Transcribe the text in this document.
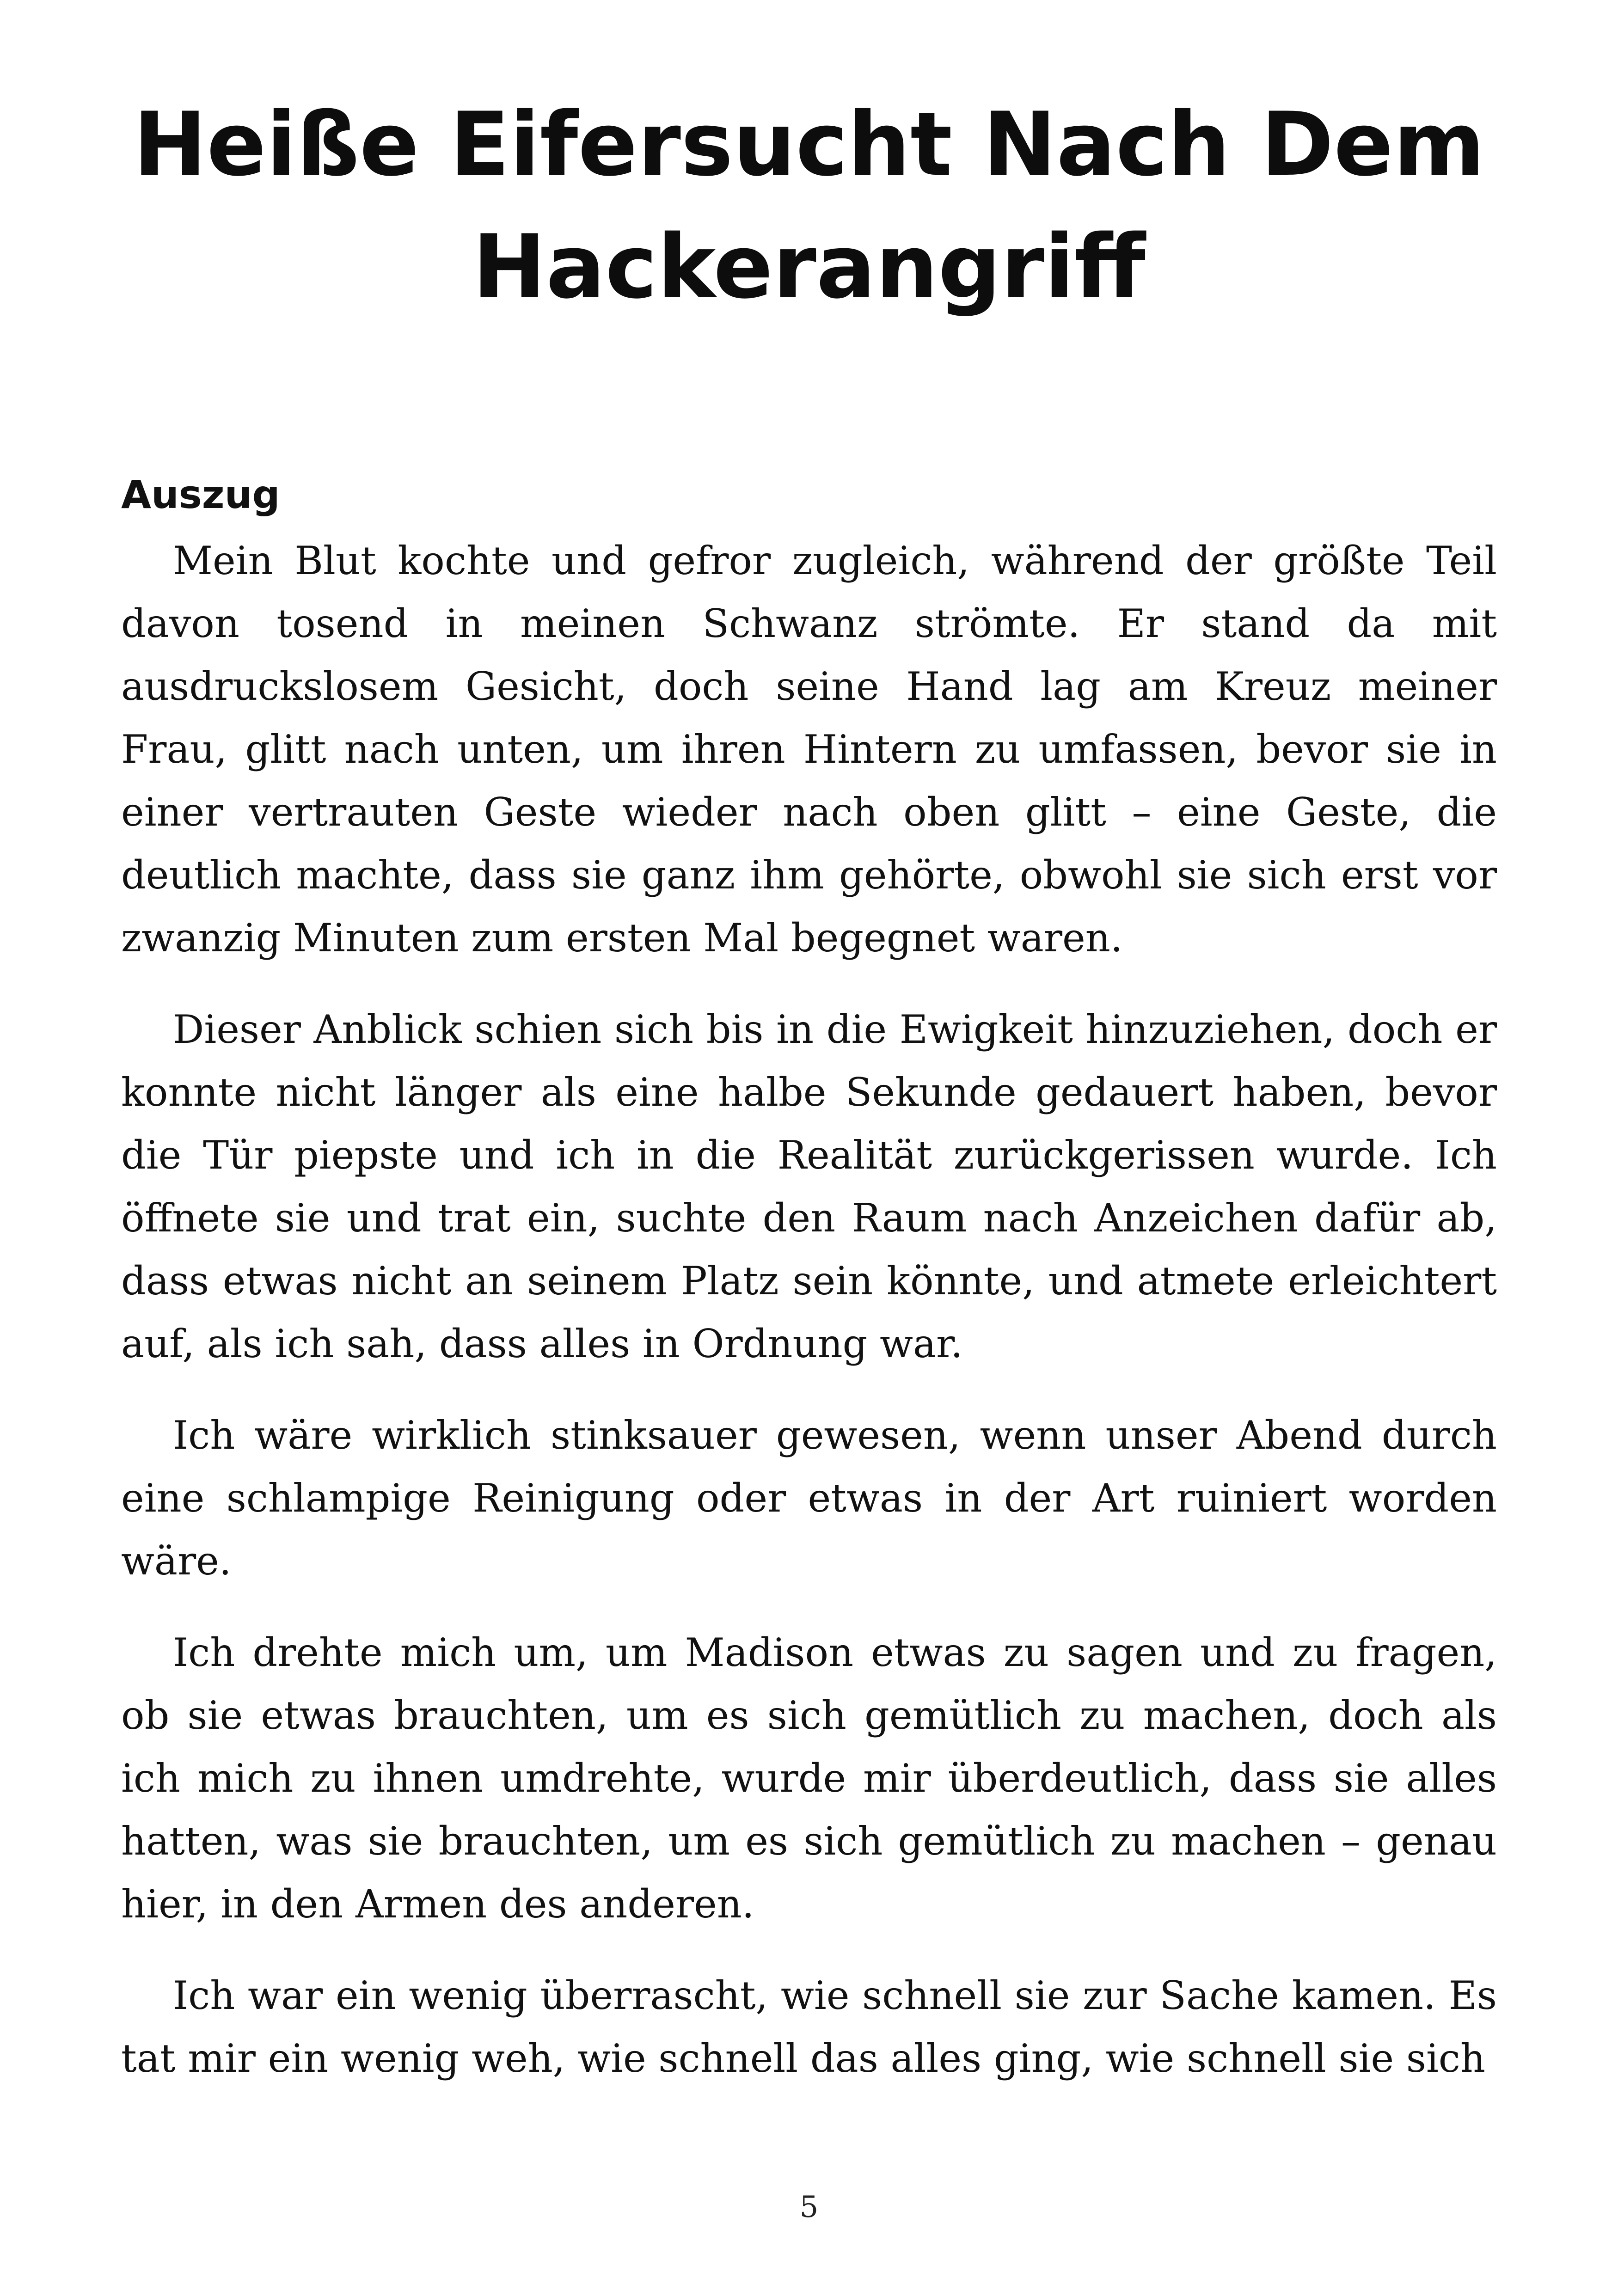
Heiße Eifersucht Nach Dem Hackerangriff
Auszug

Mein Blut kochte und gefror zugleich, während der größte Teil davon tosend in meinen Schwanz strömte. Er stand da mit ausdruckslosem Gesicht, doch seine Hand lag am Kreuz meiner Frau, glitt nach unten, um ihren Hintern zu umfassen, bevor sie in einer vertrauten Geste wieder nach oben glitt – eine Geste, die deutlich machte, dass sie ganz ihm gehörte, obwohl sie sich erst vor zwanzig Minuten zum ersten Mal begegnet waren.

Dieser Anblick schien sich bis in die Ewigkeit hinzuziehen, doch er konnte nicht länger als eine halbe Sekunde gedauert haben, bevor die Tür piepste und ich in die Realität zurückgerissen wurde. Ich öffnete sie und trat ein, suchte den Raum nach Anzeichen dafür ab, dass etwas nicht an seinem Platz sein könnte, und atmete erleichtert auf, als ich sah, dass alles in Ordnung war.

Ich wäre wirklich stinksauer gewesen, wenn unser Abend durch eine schlampige Reinigung oder etwas in der Art ruiniert worden wäre.

Ich drehte mich um, um Madison etwas zu sagen und zu fragen, ob sie etwas brauchten, um es sich gemütlich zu machen, doch als ich mich zu ihnen umdrehte, wurde mir überdeutlich, dass sie alles hatten, was sie brauchten, um es sich gemütlich zu machen – genau hier, in den Armen des anderen.

Ich war ein wenig überrascht, wie schnell sie zur Sache kamen. Es tat mir ein wenig weh, wie schnell das alles ging, wie schnell sie sich

5
